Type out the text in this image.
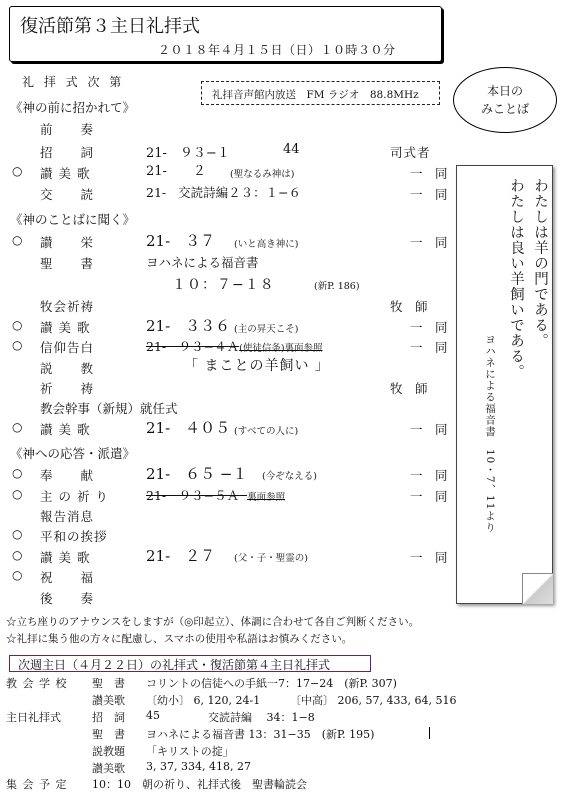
復活節第３主日礼拝式
２０１８年４月１５日（日）１０時３０分
礼 拝 式 次 第
礼拝音声館内放送　FM ラジオ　88.8MHz	本日の
みことば
わたしは羊の門である。
わたしは良い羊飼いである。
ヨハネによる福音書　10・7、11より
《神の前に招かれて》
前　　奏
招　　詞	21-　９３−１	44	司式者
○ 讃 美 歌	21-　　２	(聖なるみ神は)	一　同
交　　読	21- 交読詩編２３：１−６	一　同
《神のことばに聞く》
○ 讃　　栄	21-　３７ (いと高き神に)	一　同
聖　　書	ヨハネによる福音書
１０：７−１８	(新P. 186)
牧会祈祷	牧　師
○ 讃 美 歌	21-　３３６ (主の昇天こそ)	一　同
○ 信仰告白	21-　９３−４Ａ(使徒信条)裏面参照	一　同
説　　教	「 まことの羊飼い 」
祈　　祷	牧　師
教会幹事（新規）就任式
○ 讃 美 歌	21-　４０５ (すべての人に)	一　同
《神への応答・派遣》
○ 奉　　献	21-　６５ −１ (今ぞなえる)	一　同
○ 主 の 祈 り	21-　９３−５Ａ 裏面参照	一　同
報告消息
○ 平和の挨拶
○ 讃 美 歌	21-　２７ (父・子・聖霊の)	一　同
○ 祝　　福
後　　奏
☆立ち座りのアナウンスをしますが（◎印起立）、体調に合わせて各自ご判断ください。
☆礼拝に集う他の方々に配慮し、スマホの使用や私語はお慎みください。
次週主日（４月２２日）の礼拝式・復活節第４主日礼拝式
教 会 学 校 聖　書 コリントの信徒への手紙一7：17−24　(新P. 307)
讃美歌 〔幼小〕 6, 120, 24-1	〔中高〕 206, 57, 433, 64, 516
主日礼拝式	招　詞 45	交読詩編　 34：1−8
聖　書 ヨハネによる福音書 13：31−35　(新P. 195)
説教題 「キリストの掟」
讃美歌 3, 37, 334, 418, 27
集 会 予 定 10：10　朝の祈り、礼拝式後　聖書輪読会
